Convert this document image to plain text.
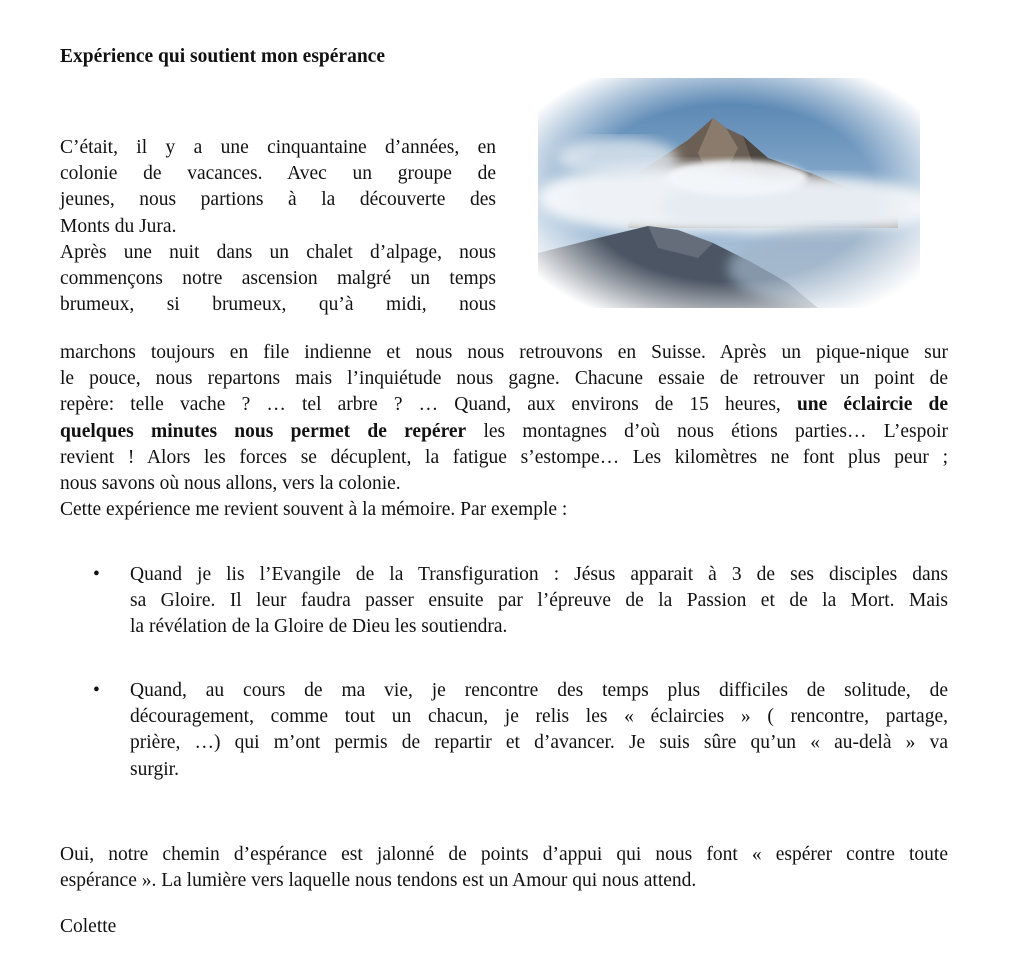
Expérience qui soutient mon espérance
C’était, il y a une cinquantaine d’années, en
colonie de vacances. Avec un groupe de
jeunes, nous partions à la découverte des
Monts du Jura.
Après une nuit dans un chalet d’alpage, nous
commençons notre ascension malgré un temps
brumeux, si brumeux, qu’à midi, nous
marchons toujours en file indienne et nous nous retrouvons en Suisse. Après un pique-nique sur
le pouce, nous repartons mais l’inquiétude nous gagne. Chacune essaie de retrouver un point de
repère: telle vache ? … tel arbre ? … Quand, aux environs de 15 heures, une éclaircie de
quelques minutes nous permet de repérer les montagnes d’où nous étions parties… L’espoir
revient ! Alors les forces se décuplent, la fatigue s’estompe… Les kilomètres ne font plus peur ;
nous savons où nous allons, vers la colonie.
Cette expérience me revient souvent à la mémoire. Par exemple :
• Quand je lis l’Evangile de la Transfiguration : Jésus apparait à 3 de ses disciples dans
sa Gloire. Il leur faudra passer ensuite par l’épreuve de la Passion et de la Mort. Mais
la révélation de la Gloire de Dieu les soutiendra.
• Quand, au cours de ma vie, je rencontre des temps plus difficiles de solitude, de
découragement, comme tout un chacun, je relis les « éclaircies » ( rencontre, partage,
prière, …) qui m’ont permis de repartir et d’avancer. Je suis sûre qu’un « au-delà » va
surgir.
Oui, notre chemin d’espérance est jalonné de points d’appui qui nous font « espérer contre toute
espérance ». La lumière vers laquelle nous tendons est un Amour qui nous attend.
Colette
